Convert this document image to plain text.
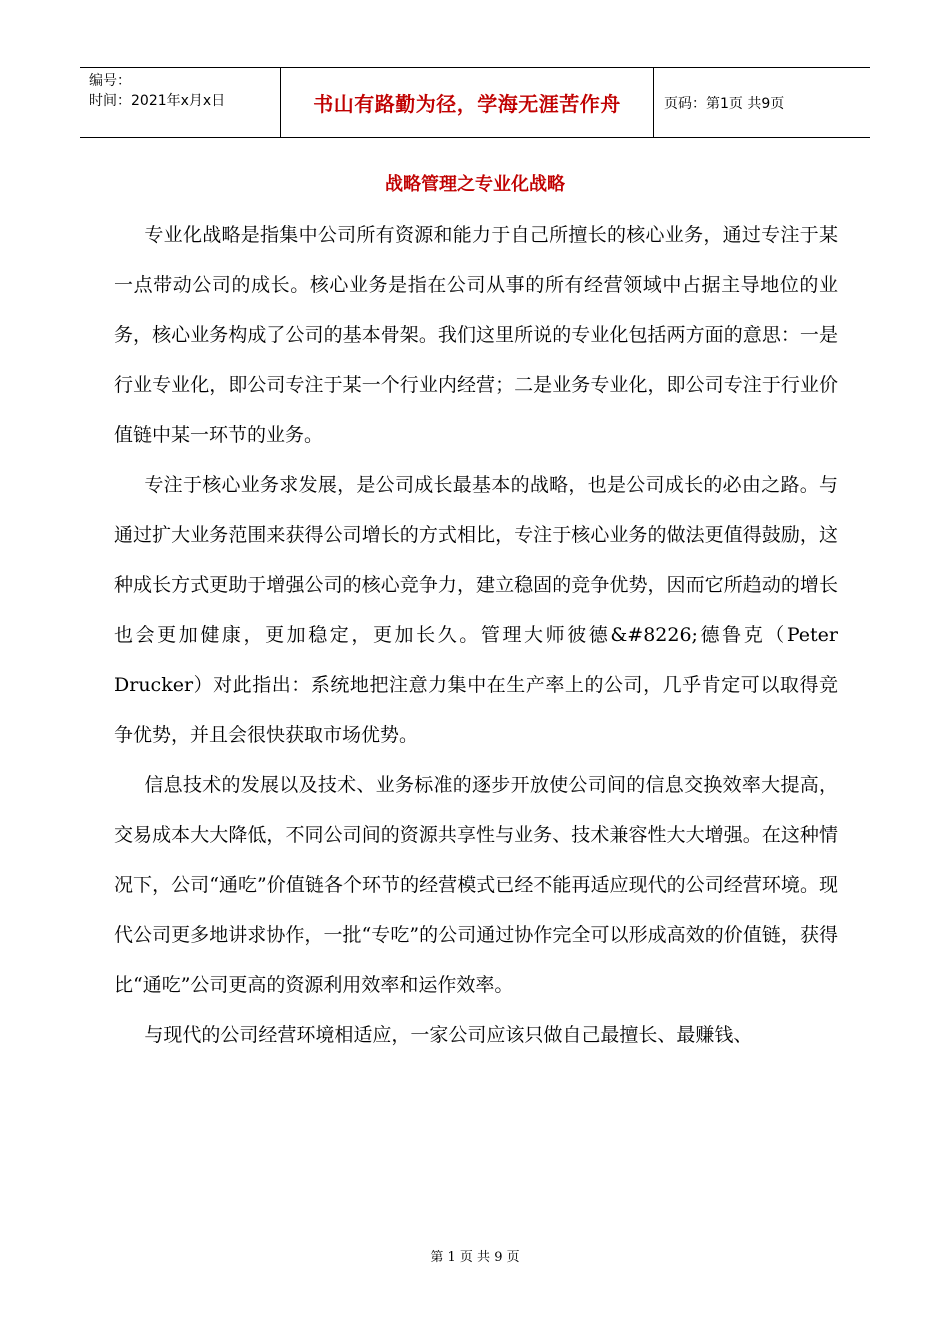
编号：
时间：2021年x月x日	书山有路勤为径，学海无涯苦作舟	页码：第1页 共9页
战略管理之专业化战略

专业化战略是指集中公司所有资源和能力于自己所擅长的核心业务，通过专注于某一点带动公司的成长。核心业务是指在公司从事的所有经营领域中占据主导地位的业务，核心业务构成了公司的基本骨架。我们这里所说的专业化包括两方面的意思：一是行业专业化，即公司专注于某一个行业内经营；二是业务专业化，即公司专注于行业价值链中某一环节的业务。

专注于核心业务求发展，是公司成长最基本的战略，也是公司成长的必由之路。与通过扩大业务范围来获得公司增长的方式相比，专注于核心业务的做法更值得鼓励，这种成长方式更助于增强公司的核心竞争力，建立稳固的竞争优势，因而它所趋动的增长也会更加健康，更加稳定，更加长久。管理大师彼德&#8226;德鲁克（Peter Drucker）对此指出：系统地把注意力集中在生产率上的公司，几乎肯定可以取得竞争优势，并且会很快获取市场优势。

信息技术的发展以及技术、业务标准的逐步开放使公司间的信息交换效率大提高，交易成本大大降低，不同公司间的资源共享性与业务、技术兼容性大大增强。在这种情况下，公司“通吃”价值链各个环节的经营模式已经不能再适应现代的公司经营环境。现代公司更多地讲求协作，一批“专吃”的公司通过协作完全可以形成高效的价值链，获得比“通吃”公司更高的资源利用效率和运作效率。

与现代的公司经营环境相适应，一家公司应该只做自己最擅长、最赚钱、

第 1 页 共 9 页
